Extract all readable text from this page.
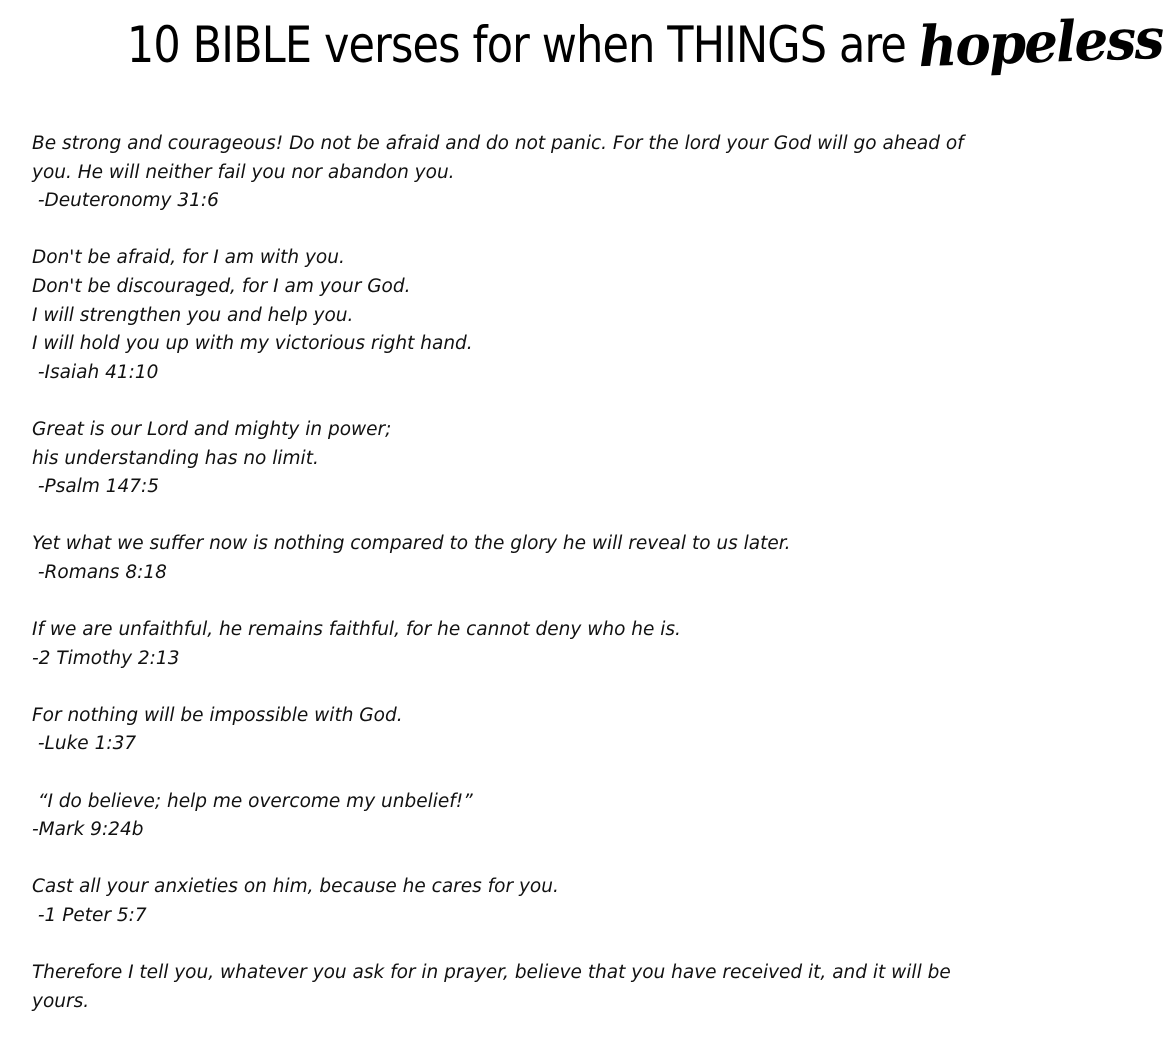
10 BIBLE verses for when THINGS are hopeless
Be strong and courageous! Do not be afraid and do not panic. For the lord your God will go ahead of you. He will neither fail you nor abandon you.
-Deuteronomy 31:6
Don't be afraid, for I am with you.
Don't be discouraged, for I am your God.
I will strengthen you and help you.
I will hold you up with my victorious right hand.
-Isaiah 41:10
Great is our Lord and mighty in power;
his understanding has no limit.
-Psalm 147:5
Yet what we suffer now is nothing compared to the glory he will reveal to us later.
-Romans 8:18
If we are unfaithful, he remains faithful, for he cannot deny who he is.
-2 Timothy 2:13
For nothing will be impossible with God.
-Luke 1:37
“I do believe; help me overcome my unbelief!”
-Mark 9:24b
Cast all your anxieties on him, because he cares for you.
-1 Peter 5:7
Therefore I tell you, whatever you ask for in prayer, believe that you have received it, and it will be yours.
